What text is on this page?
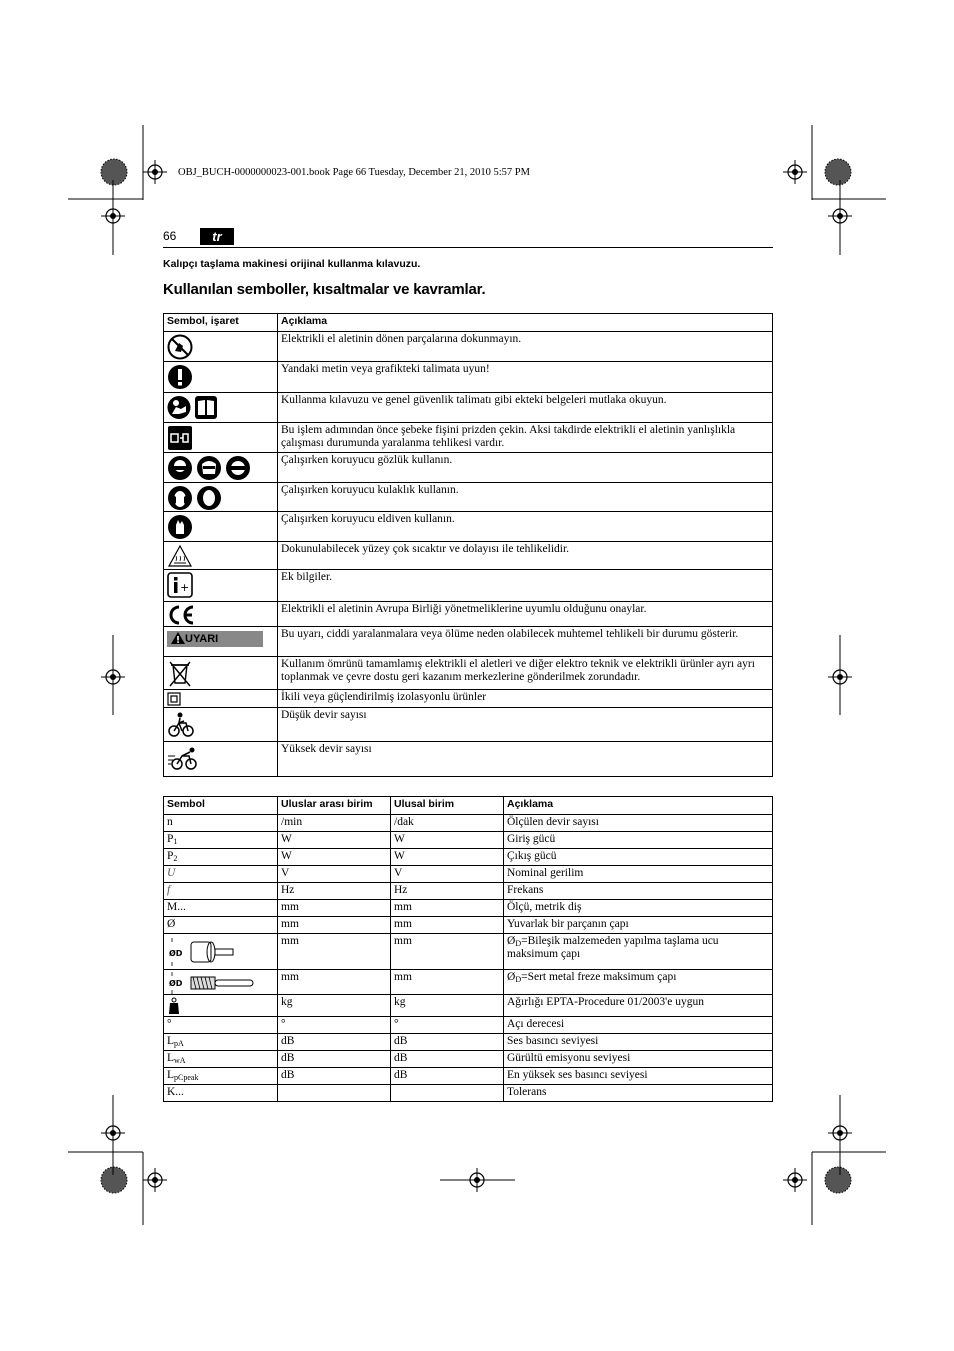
OBJ_BUCH-0000000023-001.book Page 66 Tuesday, December 21, 2010 5:57 PM
66	tr
Kalıpçı taşlama makinesi orijinal kullanma kılavuzu.
Kullanılan semboller, kısaltmalar ve kavramlar.
Sembol, işaret	Açıklama
	Elektrikli el aletinin dönen parçalarına dokunmayın.
	Yandaki metin veya grafikteki talimata uyun!
	Kullanma kılavuzu ve genel güvenlik talimatı gibi ekteki belgeleri mutlaka okuyun.
	Bu işlem adımından önce şebeke fişini prizden çekin. Aksi takdirde elektrikli el aletinin yanlışlıkla çalışması durumunda yaralanma tehlikesi vardır.
	Çalışırken koruyucu gözlük kullanın.
	Çalışırken koruyucu kulaklık kullanın.
	Çalışırken koruyucu eldiven kullanın.
	Dokunulabilecek yüzey çok sıcaktır ve dolayısı ile tehlikelidir.

+	Ek bilgiler.
	Elektrikli el aletinin Avrupa Birliği yönetmeliklerine uyumlu olduğunu onaylar.
UYARI	Bu uyarı, ciddi yaralanmalara veya ölüme neden olabilecek muhtemel tehlikeli bir durumu gösterir.
	Kullanım ömrünü tamamlamış elektrikli el aletleri ve diğer elektro teknik ve elektrikli ürünler ayrı ayrı toplanmak ve çevre dostu geri kazanım merkezlerine gönderilmek zorundadır.
	İkili veya güçlendirilmiş izolasyonlu ürünler
	Düşük devir sayısı
	Yüksek devir sayısı
Sembol	Uluslar arası birim	Ulusal birim	Açıklama
n	/min	/dak	Ölçülen devir sayısı
$P_1$	W	W	Giriş gücü
$P_2$	W	W	Çıkış gücü
U	V	V	Nominal gerilim
f	Hz	Hz	Frekans
M...	mm	mm	Ölçü, metrik diş
Ø	mm	mm	Yuvarlak bir parçanın çapı

ØD	mm	mm	$Ø_D=Bileşik$ malzemeden yapılma taşlama ucu maksimum çapı

ØD	mm	mm	$Ø_D=Sert$ metal freze maksimum çapı
	kg	kg	Ağırlığı EPTA-Procedure 01/2003'e uygun
°	°	°	Açı derecesi
$L_{pA}$	dB	dB	Ses basıncı seviyesi
$L_{wA}$	dB	dB	Gürültü emisyonu seviyesi
$L_{pCpeak}$	dB	dB	En yüksek ses basıncı seviyesi
K...			Tolerans
